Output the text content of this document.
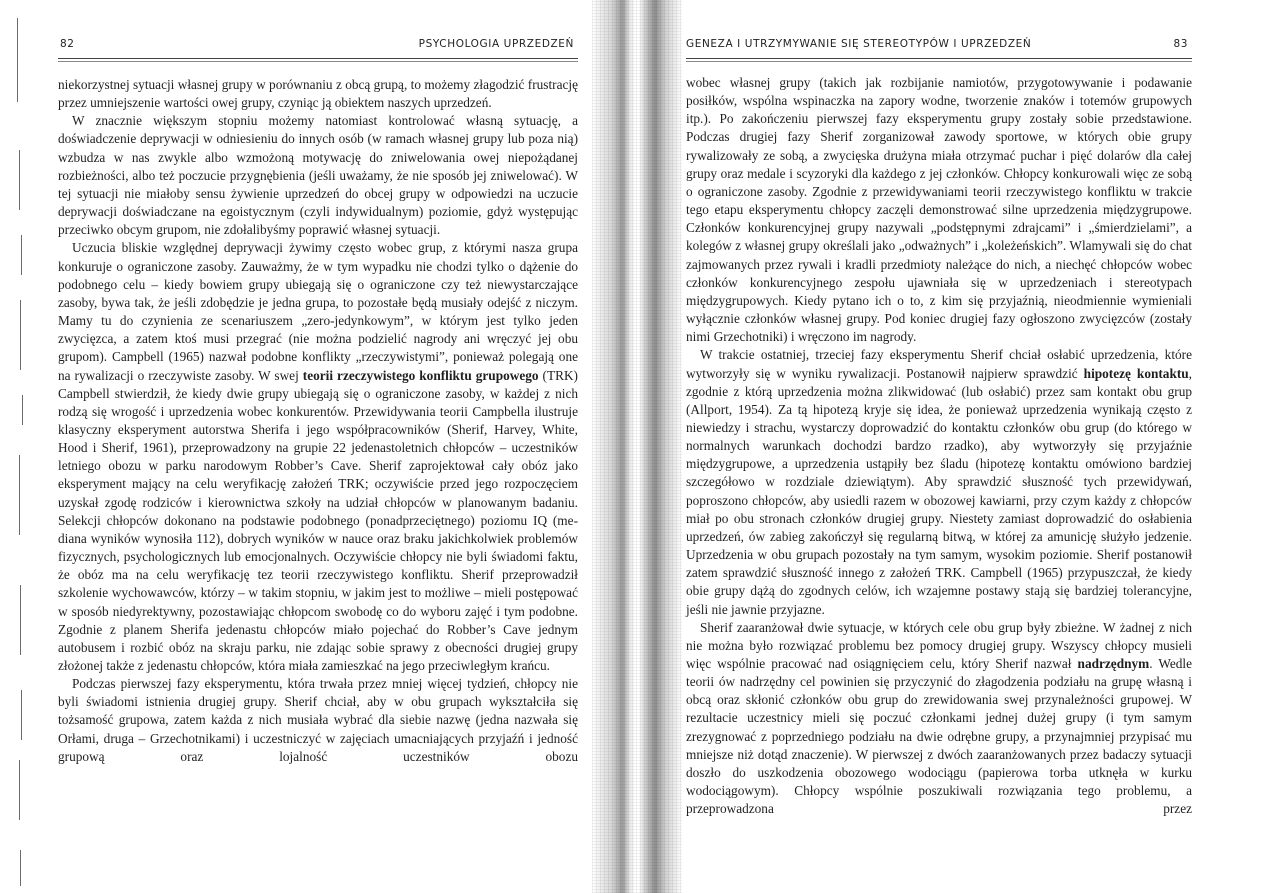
82	PSYCHOLOGIA UPRZEDZEŃ

niekorzystnej sytuacji własnej grupy w porównaniu z obcą grupą, to możemy złagodzić frustrację przez umniejszenie wartości owej grupy, czyniąc ją obiektem naszych uprzedzeń.

W znacznie większym stopniu możemy natomiast kontrolować własną sytuację, a doświadczenie deprywacji w odniesieniu do innych osób (w ramach własnej grupy lub poza nią) wzbudza w nas zwykle albo wzmożoną motywację do zniwelowania owej niepożądanej rozbieżności, albo też poczucie przygnębienia (jeśli uważamy, że nie sposób jej zniwelować). W tej sytuacji nie miałoby sensu żywienie uprzedzeń do obcej grupy w odpowiedzi na uczucie deprywacji doświadczane na egoistycznym (czyli indywidualnym) poziomie, gdyż występując przeciwko obcym grupom, nie zdołalibyśmy poprawić własnej sytuacji.

Uczucia bliskie względnej deprywacji żywimy często wobec grup, z którymi nasza grupa konkuruje o ograniczone zasoby. Zauważmy, że w tym wypadku nie chodzi tylko o dążenie do podobnego celu – kiedy bowiem grupy ubiegają się o ograniczone czy też niewystarczające zasoby, bywa tak, że jeśli zdobędzie je jedna grupa, to pozostałe będą musiały odejść z niczym. Mamy tu do czynienia ze scenariuszem „zero-jedynkowym”, w którym jest tylko jeden zwycięzca, a zatem ktoś musi przegrać (nie można podzielić nagrody ani wręczyć jej obu grupom). Campbell (1965) nazwał podobne konflikty „rzeczywistymi”, ponieważ polegają one na rywalizacji o rzeczywiste zasoby. W swej teorii rzeczywistego konfliktu grupowego (TRK) Campbell stwierdził, że kiedy dwie grupy ubiegają się o ograniczone zasoby, w każdej z nich rodzą się wrogość i uprzedzenia wobec konkurentów. Przewidywania teorii Campbella ilustruje klasyczny eksperyment autorstwa Sherifa i jego współpracowników (Sherif, Harvey, White, Hood i Sherif, 1961), przeprowadzony na grupie 22 jedenastoletnich chłopców – uczestników letniego obozu w parku narodowym Robber’s Cave. Sherif zaprojektował cały obóz jako eksperyment mający na celu weryfikację założeń TRK; oczywiście przed jego rozpoczęciem uzyskał zgodę rodziców i kierownictwa szkoły na udział chłopców w planowanym badaniu. Selekcji chłopców dokonano na podstawie podobnego (ponadprzeciętnego) poziomu IQ (mediana wyników wynosiła 112), dobrych wyników w nauce oraz braku jakichkolwiek problemów fizycznych, psychologicznych lub emocjonalnych. Oczywiście chłopcy nie byli świadomi faktu, że obóz ma na celu weryfikację tez teorii rzeczywistego konfliktu. Sherif przeprowadził szkolenie wychowawców, którzy – w takim stopniu, w jakim jest to możliwe – mieli postępować w sposób niedyrektywny, pozostawiając chłopcom swobodę co do wyboru zajęć i tym podobne. Zgodnie z planem Sherifa jedenastu chłopców miało pojechać do Robber’s Cave jednym autobusem i rozbić obóz na skraju parku, nie zdając sobie sprawy z obecności drugiej grupy złożonej także z jedenastu chłopców, która miała zamieszkać na jego przeciwległym krańcu.

Podczas pierwszej fazy eksperymentu, która trwała przez mniej więcej tydzień, chłopcy nie byli świadomi istnienia drugiej grupy. Sherif chciał, aby w obu grupach wykształciła się tożsamość grupowa, zatem każda z nich musiała wybrać dla siebie nazwę (jedna nazwała się Orłami, druga – Grzechotnikami) i uczestniczyć w zajęciach umacniających przyjaźń i jedność grupową oraz lojalność uczestników obozu

GENEZA I UTRZYMYWANIE SIĘ STEREOTYPÓW I UPRZEDZEŃ	83

wobec własnej grupy (takich jak rozbijanie namiotów, przygotowywanie i podawanie posiłków, wspólna wspinaczka na zapory wodne, tworzenie znaków i totemów grupowych itp.). Po zakończeniu pierwszej fazy eksperymentu grupy zostały sobie przedstawione. Podczas drugiej fazy Sherif zorganizował zawody sportowe, w których obie grupy rywalizowały ze sobą, a zwycięska drużyna miała otrzymać puchar i pięć dolarów dla całej grupy oraz medale i scyzoryki dla każdego z jej członków. Chłopcy konkurowali więc ze sobą o ograniczone zasoby. Zgodnie z przewidywaniami teorii rzeczywistego konfliktu w trakcie tego etapu eksperymentu chłopcy zaczęli demonstrować silne uprzedzenia międzygrupowe. Członków konkurencyjnej grupy nazywali „podstępnymi zdrajcami” i „śmierdzielami”, a kolegów z własnej grupy określali jako „odważnych” i „koleżeńskich”. Wlamywali się do chat zajmowanych przez rywali i kradli przedmioty należące do nich, a niechęć chłopców wobec członków konkurencyjnego zespołu ujawniała się w uprzedzeniach i stereotypach międzygrupowych. Kiedy pytano ich o to, z kim się przyjaźnią, nieodmiennie wymieniali wyłącznie członków własnej grupy. Pod koniec drugiej fazy ogłoszono zwycięzców (zostały nimi Grzechotniki) i wręczono im nagrody.

W trakcie ostatniej, trzeciej fazy eksperymentu Sherif chciał osłabić uprzedzenia, które wytworzyły się w wyniku rywalizacji. Postanowił najpierw sprawdzić hipotezę kontaktu, zgodnie z którą uprzedzenia można zlikwidować (lub osłabić) przez sam kontakt obu grup (Allport, 1954). Za tą hipotezą kryje się idea, że ponieważ uprzedzenia wynikają często z niewiedzy i strachu, wystarczy doprowadzić do kontaktu członków obu grup (do którego w normalnych warunkach dochodzi bardzo rzadko), aby wytworzyły się przyjaźnie międzygrupowe, a uprzedzenia ustąpiły bez śladu (hipotezę kontaktu omówiono bardziej szczegółowo w rozdziale dziewiątym). Aby sprawdzić słuszność tych przewidywań, poproszono chłopców, aby usiedli razem w obozowej kawiarni, przy czym każdy z chłopców miał po obu stronach członków drugiej grupy. Niestety zamiast doprowadzić do osłabienia uprzedzeń, ów zabieg zakończył się regularną bitwą, w której za amunicję służyło jedzenie. Uprzedzenia w obu grupach pozostały na tym samym, wysokim poziomie. Sherif postanowił zatem sprawdzić słuszność innego z założeń TRK. Campbell (1965) przypuszczał, że kiedy obie grupy dążą do zgodnych celów, ich wzajemne postawy stają się bardziej tolerancyjne, jeśli nie jawnie przyjazne.

Sherif zaaranżował dwie sytuacje, w których cele obu grup były zbieżne. W żadnej z nich nie można było rozwiązać problemu bez pomocy drugiej grupy. Wszyscy chłopcy musieli więc wspólnie pracować nad osiągnięciem celu, który Sherif nazwał nadrzędnym. Wedle teorii ów nadrzędny cel powinien się przyczynić do złagodzenia podziału na grupę własną i obcą oraz skłonić członków obu grup do zrewidowania swej przynależności grupowej. W rezultacie uczestnicy mieli się poczuć członkami jednej dużej grupy (i tym samym zrezygnować z poprzedniego podziału na dwie odrębne grupy, a przynajmniej przypisać mu mniejsze niż dotąd znaczenie). W pierwszej z dwóch zaaranżowanych przez badaczy sytuacji doszło do uszkodzenia obozowego wodociągu (papierowa torba utknęła w kurku wodociągowym). Chłopcy wspólnie poszukiwali rozwiązania tego problemu, a przeprowadzona przez
